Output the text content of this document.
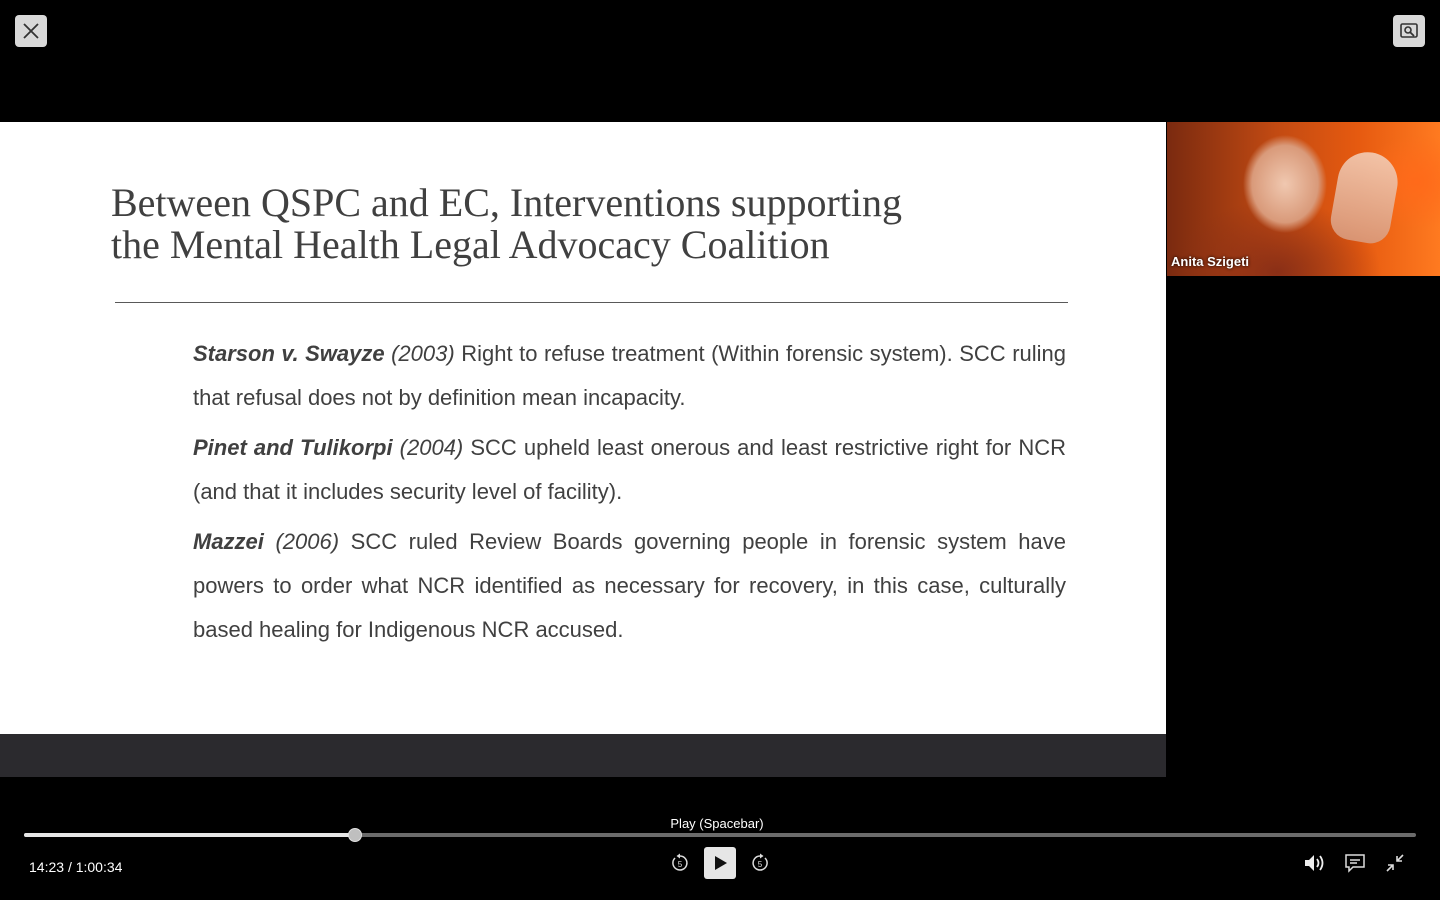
Between QSPC and EC, Interventions supporting
the Mental Health Legal Advocacy Coalition

Starson v. Swayze (2003) Right to refuse treatment (Within forensic system). SCC ruling that refusal does not by definition mean incapacity.

Pinet and Tulikorpi (2004) SCC upheld least onerous and least restrictive right for NCR (and that it includes security level of facility).

Mazzei (2006) SCC ruled Review Boards governing people in forensic system have powers to order what NCR identified as necessary for recovery, in this case, culturally based healing for Indigenous NCR accused.

Anita Szigeti
Play (Spacebar)
14:23 / 1:00:34	5	5
